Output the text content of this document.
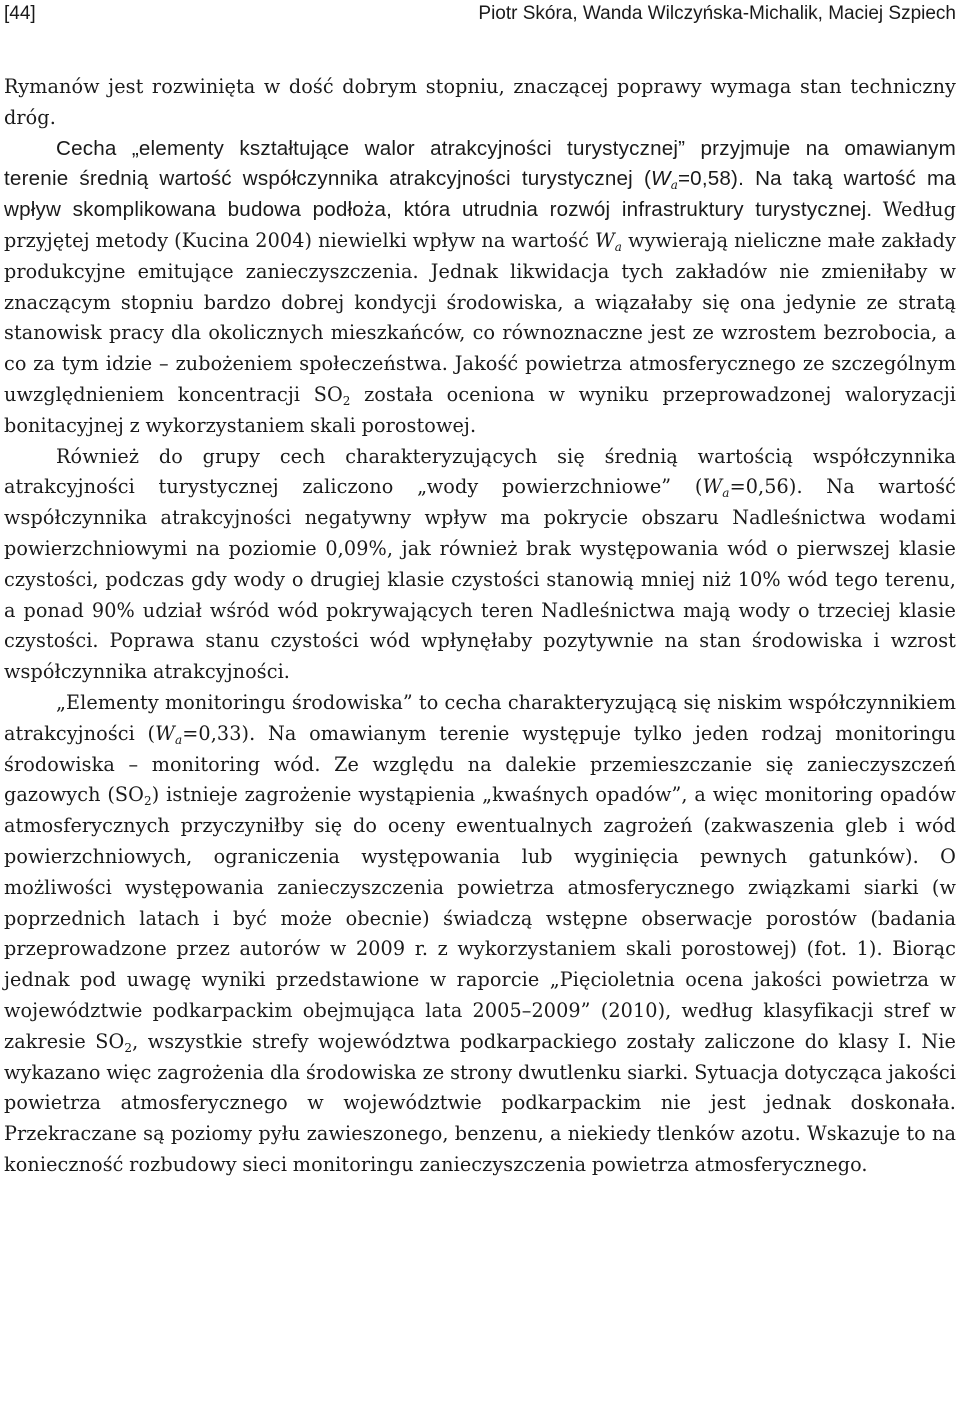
[44]	Piotr Skóra, Wanda Wilczyńska-Michalik, Maciej Szpiech

Rymanów jest rozwinięta w dość dobrym stopniu, znaczącej poprawy wymaga stan techniczny dróg.

Cecha „elementy kształtujące walor atrakcyjności turystycznej” przyjmuje na omawianym terenie średnią wartość współczynnika atrakcyjności turystycznej $(W_a=0,58)$. Na taką wartość ma wpływ skomplikowana budowa podłoża, która utrudnia rozwój infrastruktury turystycznej. Według przyjętej metody (Kucina 2004) niewielki wpływ na wartość $W_a$ wywierają nieliczne małe zakłady produkcyjne emitujące zanieczyszczenia. Jednak likwidacja tych zakładów nie zmieniłaby w znaczącym stopniu bardzo dobrej kondycji środowiska, a wiązałaby się ona jedynie ze stratą stanowisk pracy dla okolicznych mieszkańców, co równoznaczne jest ze wzrostem bezrobocia, a co za tym idzie – zubożeniem społeczeństwa. Jakość powietrza atmosferycznego ze szczególnym uwzględnieniem koncentracji $SO_2$ została oceniona w wyniku przeprowadzonej waloryzacji bonitacyjnej z wykorzystaniem skali porostowej.

Również do grupy cech charakteryzujących się średnią wartością współczynnika atrakcyjności turystycznej zaliczono „wody powierzchniowe” $(W_a=0,56)$. Na wartość współczynnika atrakcyjności negatywny wpływ ma pokrycie obszaru Nadleśnictwa wodami powierzchniowymi na poziomie 0,09%, jak również brak występowania wód o pierwszej klasie czystości, podczas gdy wody o drugiej klasie czystości stanowią mniej niż 10% wód tego terenu, a ponad 90% udział wśród wód pokrywających teren Nadleśnictwa mają wody o trzeciej klasie czystości. Poprawa stanu czystości wód wpłynęłaby pozytywnie na stan środowiska i wzrost współczynnika atrakcyjności.

„Elementy monitoringu środowiska” to cecha charakteryzującą się niskim współczynnikiem atrakcyjności $(W_a=0,33)$. Na omawianym terenie występuje tylko jeden rodzaj monitoringu środowiska – monitoring wód. Ze względu na dalekie przemieszczanie się zanieczyszczeń gazowych $(SO_2)$ istnieje zagrożenie wystąpienia „kwaśnych opadów”, a więc monitoring opadów atmosferycznych przyczyniłby się do oceny ewentualnych zagrożeń (zakwaszenia gleb i wód powierzchniowych, ograniczenia występowania lub wyginięcia pewnych gatunków). O możliwości występowania zanieczyszczenia powietrza atmosferycznego związkami siarki (w poprzednich latach i być może obecnie) świadczą wstępne obserwacje porostów (badania przeprowadzone przez autorów w 2009 r. z wykorzystaniem skali porostowej) (fot. 1). Biorąc jednak pod uwagę wyniki przedstawione w raporcie „Pięcioletnia ocena jakości powietrza w województwie podkarpackim obejmująca lata 2005–2009” (2010), według klasyfikacji stref w zakresie $SO_2$, wszystkie strefy województwa podkarpackiego zostały zaliczone do klasy I. Nie wykazano więc zagrożenia dla środowiska ze strony dwutlenku siarki. Sytuacja dotycząca jakości powietrza atmosferycznego w województwie podkarpackim nie jest jednak doskonała. Przekraczane są poziomy pyłu zawieszonego, benzenu, a niekiedy tlenków azotu. Wskazuje to na konieczność rozbudowy sieci monitoringu zanieczyszczenia powietrza atmosferycznego.
